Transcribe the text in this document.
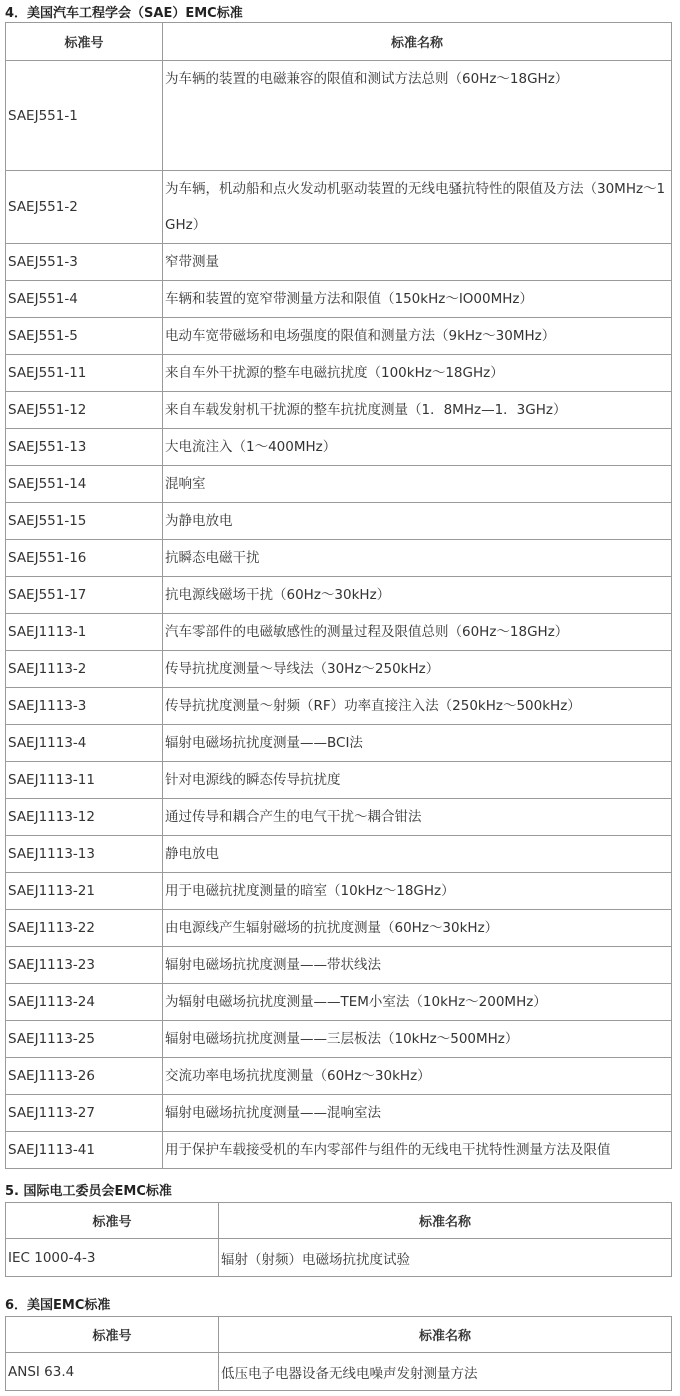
4．美国汽车工程学会（SAE）EMC标准
标准号	标准名称
SAEJ551-1	为车辆的装置的电磁兼容的限值和测试方法总则（60Hz～18GHz）
SAEJ551-2	为车辆，机动船和点火发动机驱动装置的无线电骚抗特性的限值及方法（30MHz～1GHz）
SAEJ551-3	窄带测量
SAEJ551-4	车辆和装置的宽窄带测量方法和限值（150kHz～IO00MHz）
SAEJ551-5	电动车宽带磁场和电场强度的限值和测量方法（9kHz～30MHz）
SAEJ551-11	来自车外干扰源的整车电磁抗扰度（100kHz～18GHz）
SAEJ551-12	来自车载发射机干扰源的整车抗扰度测量（1．8MHz—1．3GHz）
SAEJ551-13	大电流注入（1～400MHz）
SAEJ551-14	混响室
SAEJ551-15	为静电放电
SAEJ551-16	抗瞬态电磁干扰
SAEJ551-17	抗电源线磁场干扰（60Hz～30kHz）
SAEJ1113-1	汽车零部件的电磁敏感性的测量过程及限值总则（60Hz～18GHz）
SAEJ1113-2	传导抗扰度测量～导线法（30Hz～250kHz）
SAEJ1113-3	传导抗扰度测量～射频（RF）功率直接注入法（250kHz～500kHz）
SAEJ1113-4	辐射电磁场抗扰度测量——BCI法
SAEJ1113-11	针对电源线的瞬态传导抗扰度
SAEJ1113-12	通过传导和耦合产生的电气干扰～耦合钳法
SAEJ1113-13	静电放电
SAEJ1113-21	用于电磁抗扰度测量的暗室（10kHz～18GHz）
SAEJ1113-22	由电源线产生辐射磁场的抗扰度测量（60Hz～30kHz）
SAEJ1113-23	辐射电磁场抗扰度测量——带状线法
SAEJ1113-24	为辐射电磁场抗扰度测量——TEM小室法（10kHz～200MHz）
SAEJ1113-25	辐射电磁场抗扰度测量——三层板法（10kHz～500MHz）
SAEJ1113-26	交流功率电场抗扰度测量（60Hz～30kHz）
SAEJ1113-27	辐射电磁场抗扰度测量——混响室法
SAEJ1113-41	用于保护车载接受机的车内零部件与组件的无线电干扰特性测量方法及限值
5. 国际电工委员会EMC标准
标准号	标准名称
IEC 1000-4-3	辐射（射频）电磁场抗扰度试验
6．美国EMC标准
标准号	标准名称
ANSI 63.4	低压电子电器设备无线电噪声发射测量方法
